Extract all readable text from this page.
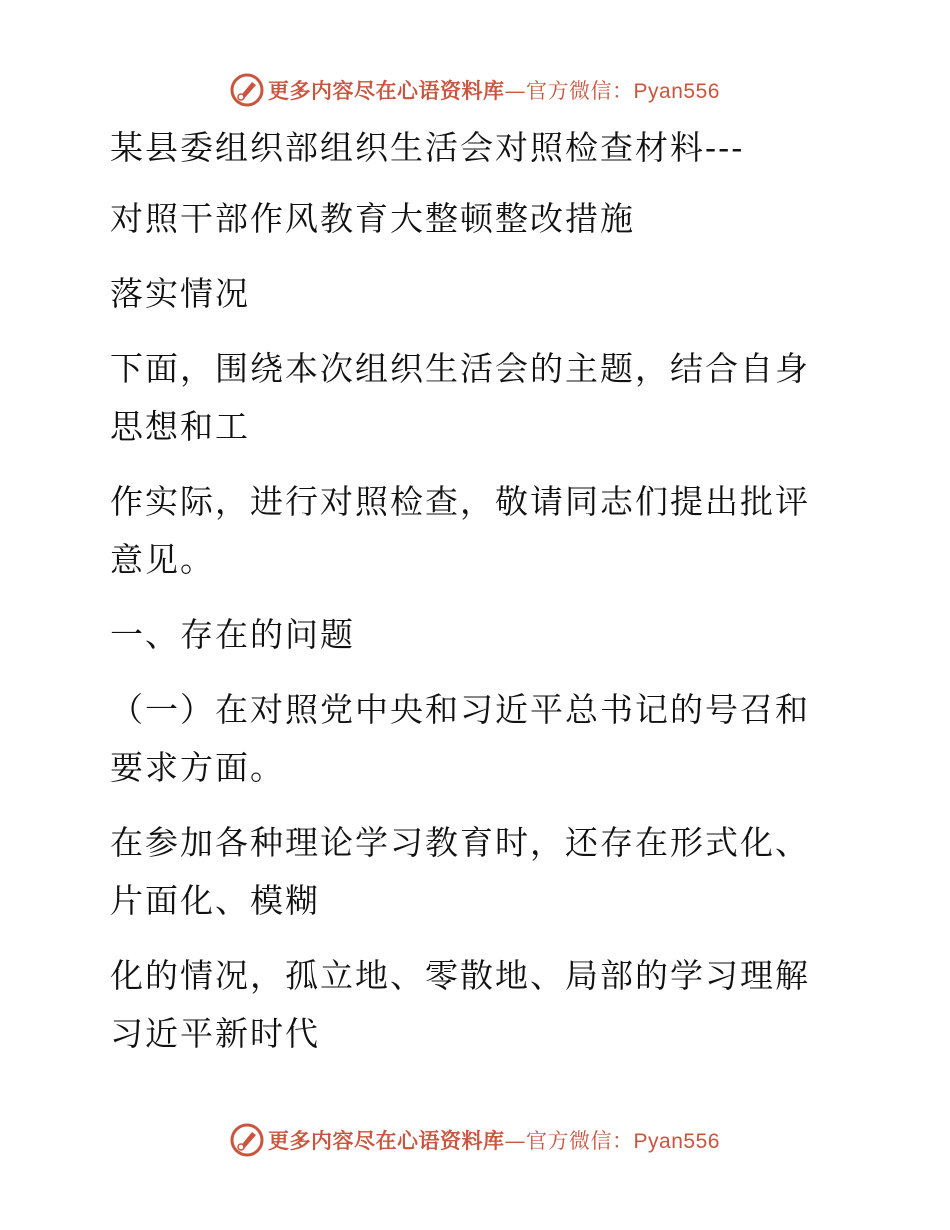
更多内容尽在心语资料库—官方微信：Pyan556

某县委组织部组织生活会对照检查材料---

对照干部作风教育大整顿整改措施

落实情况

下面，围绕本次组织生活会的主题，结合自身思想和工

作实际，进行对照检查，敬请同志们提出批评意见。

一、存在的问题

（一）在对照党中央和习近平总书记的号召和要求方面。

在参加各种理论学习教育时，还存在形式化、片面化、模糊

化的情况，孤立地、零散地、局部的学习理解习近平新时代

更多内容尽在心语资料库—官方微信：Pyan556
